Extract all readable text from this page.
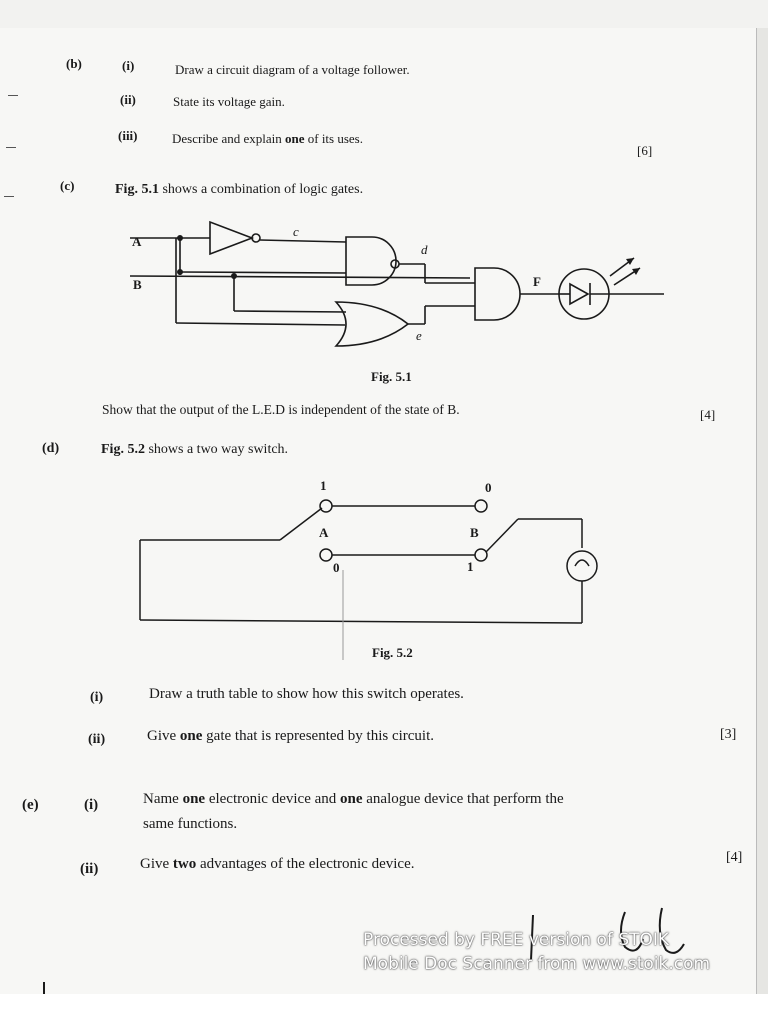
(b)	(i)	Draw a circuit diagram of a voltage follower.
(ii)	State its voltage gain.
(iii)	Describe and explain one of its uses.
[6]
(c)	Fig. 5.1 shows a combination of logic gates.
A
B
c
d
e
F
Fig. 5.1
Show that the output of the L.E.D is independent of the state of B.	[4]
(d)	Fig. 5.2 shows a two way switch.
1	0
A	B
0	1
Fig. 5.2
(i)	Draw a truth table to show how this switch operates.
(ii)	Give one gate that is represented by this circuit.	[3]
(e)	(i)	Name one electronic device and one analogue device that perform the
same functions.
(ii)	Give two advantages of the electronic device.	[4]
Processed by FREE version of STOIK
Mobile Doc Scanner from www.stoik.com
